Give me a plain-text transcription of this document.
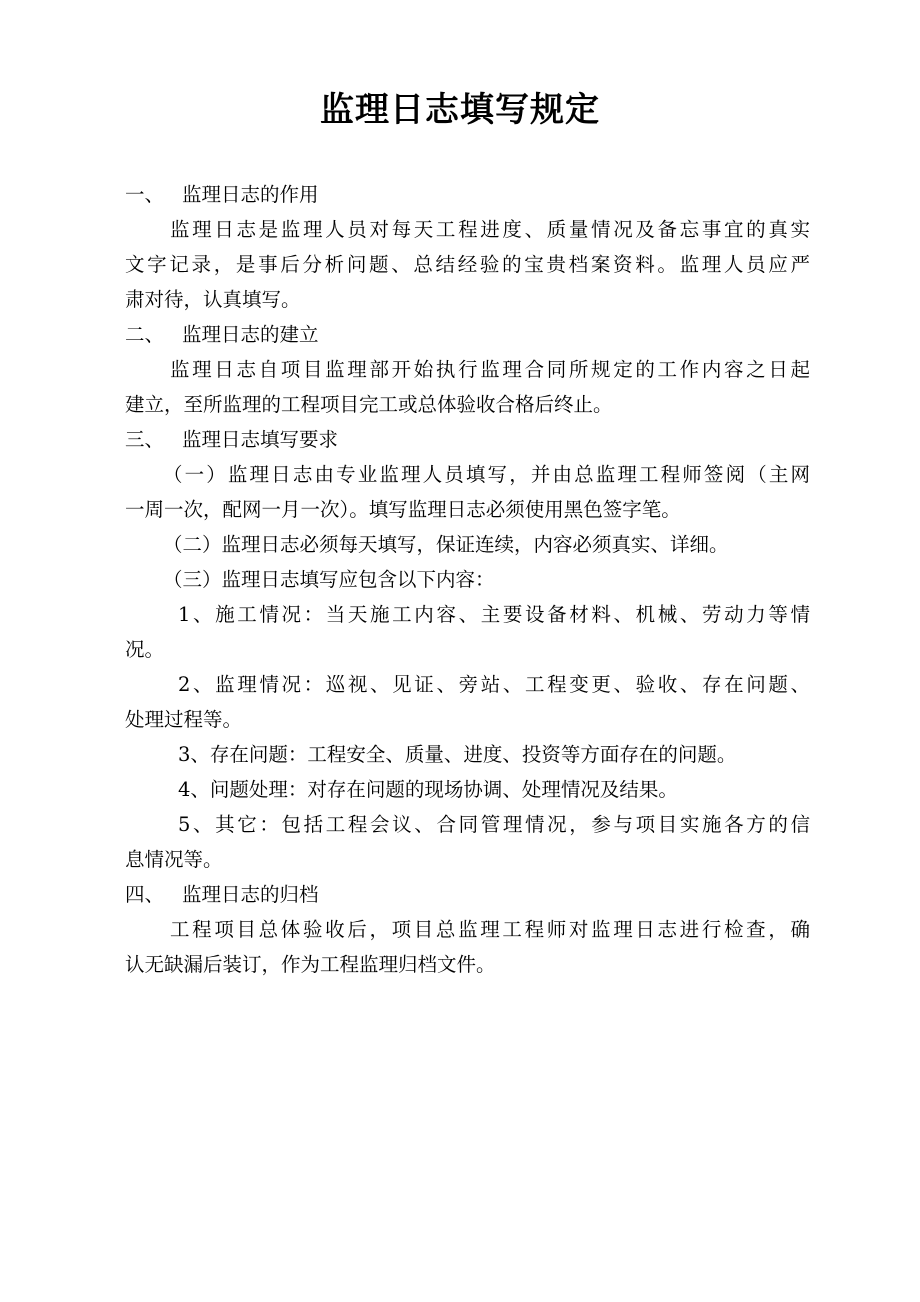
监理日志填写规定
一、 监理日志的作用
监理日志是监理人员对每天工程进度、质量情况及备忘事宜的真实
文字记录，是事后分析问题、总结经验的宝贵档案资料。监理人员应严
肃对待，认真填写。
二、 监理日志的建立
监理日志自项目监理部开始执行监理合同所规定的工作内容之日起
建立，至所监理的工程项目完工或总体验收合格后终止。
三、 监理日志填写要求
（一）监理日志由专业监理人员填写，并由总监理工程师签阅（主网
一周一次，配网一月一次）。填写监理日志必须使用黑色签字笔。
（二）监理日志必须每天填写，保证连续，内容必须真实、详细。
（三）监理日志填写应包含以下内容：
1、施工情况：当天施工内容、主要设备材料、机械、劳动力等情
况。
2、监理情况：巡视、见证、旁站、工程变更、验收、存在问题、
处理过程等。
3、存在问题：工程安全、质量、进度、投资等方面存在的问题。
4、问题处理：对存在问题的现场协调、处理情况及结果。
5、其它：包括工程会议、合同管理情况，参与项目实施各方的信
息情况等。
四、 监理日志的归档
工程项目总体验收后，项目总监理工程师对监理日志进行检查，确
认无缺漏后装订，作为工程监理归档文件。
